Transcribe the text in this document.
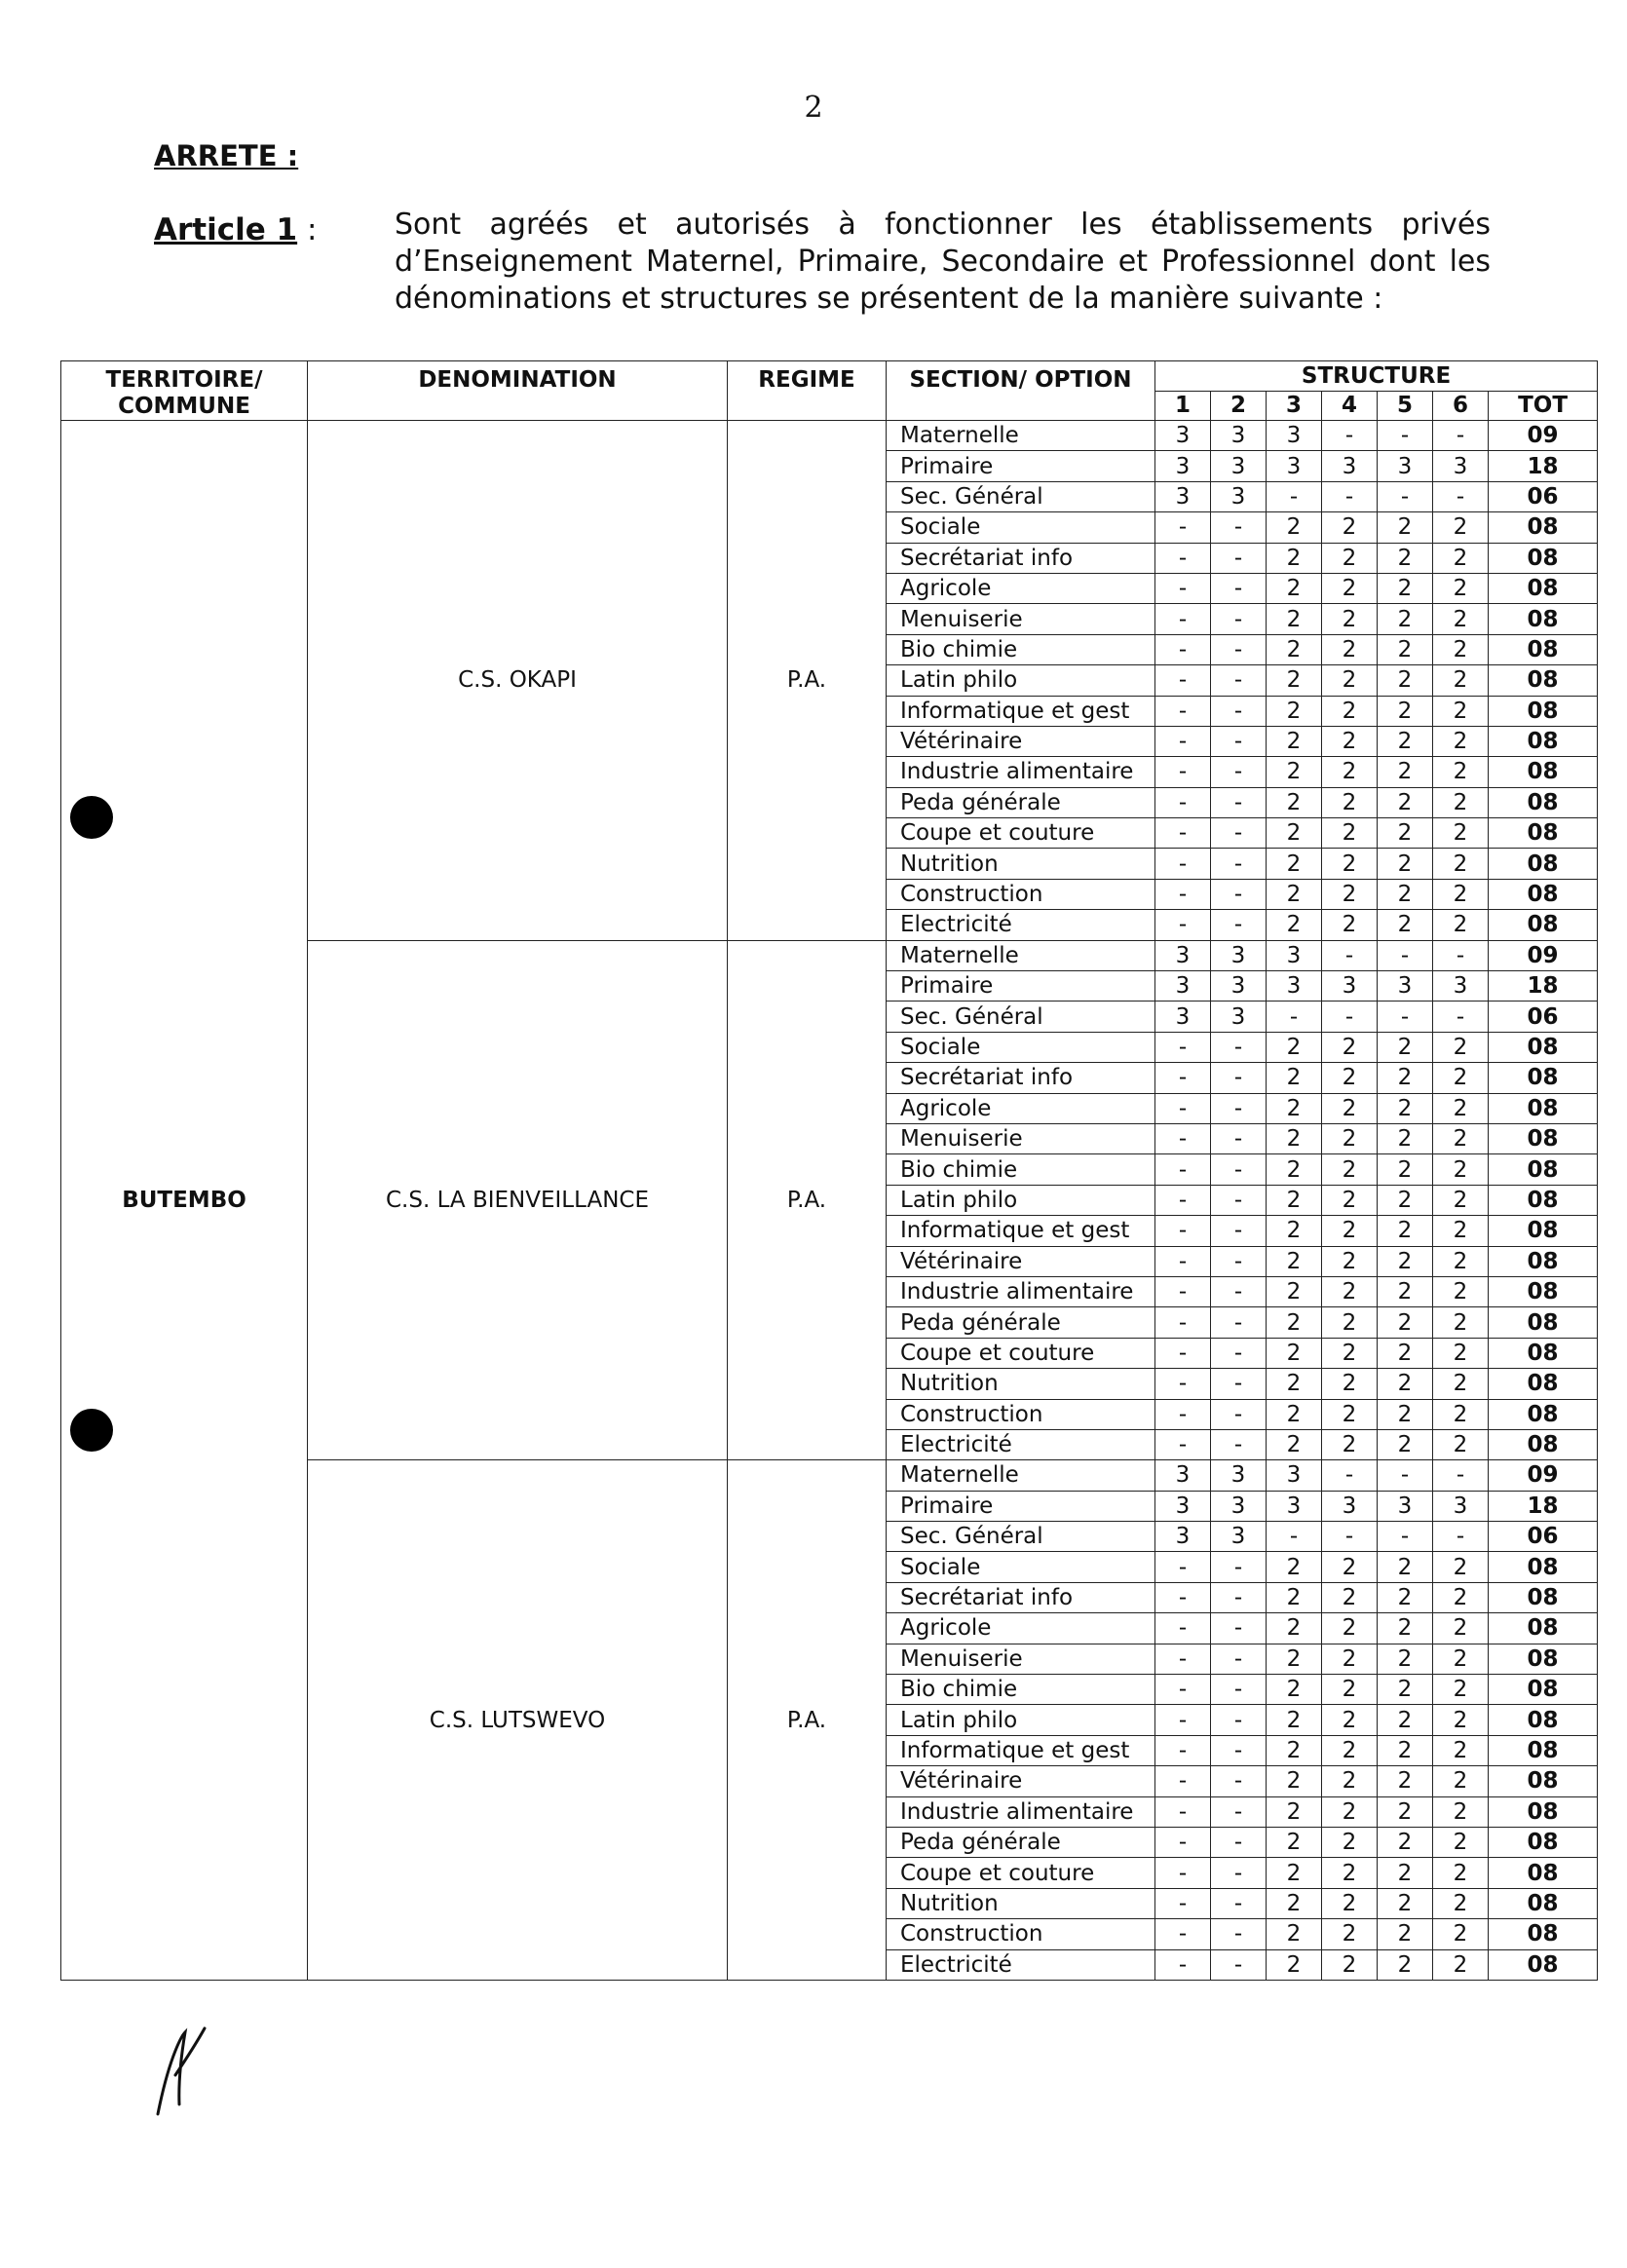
2
ARRETE :
Article 1 :	Sont agréés et autorisés à fonctionner les établissements privés d’Enseignement Maternel, Primaire, Secondaire et Professionnel dont les dénominations et structures se présentent de la manière suivante :
TERRITOIRE/ COMMUNE	DENOMINATION	REGIME	SECTION/ OPTION	STRUCTURE						
				1	2	3	4	5	6	TOT
BUTEMBO	C.S. OKAPI	P.A.	Maternelle	3	3	3	-	-	-	09
			Primaire	3	3	3	3	3	3	18
			Sec. Général	3	3	-	-	-	-	06
			Sociale	-	-	2	2	2	2	08
			Secrétariat info	-	-	2	2	2	2	08
			Agricole	-	-	2	2	2	2	08
			Menuiserie	-	-	2	2	2	2	08
			Bio chimie	-	-	2	2	2	2	08
			Latin philo	-	-	2	2	2	2	08
			Informatique et gest	-	-	2	2	2	2	08
			Vétérinaire	-	-	2	2	2	2	08
			Industrie alimentaire	-	-	2	2	2	2	08
			Peda générale	-	-	2	2	2	2	08
			Coupe et couture	-	-	2	2	2	2	08
			Nutrition	-	-	2	2	2	2	08
			Construction	-	-	2	2	2	2	08
			Electricité	-	-	2	2	2	2	08
	C.S. LA BIENVEILLANCE	P.A.	Maternelle	3	3	3	-	-	-	09
			Primaire	3	3	3	3	3	3	18
			Sec. Général	3	3	-	-	-	-	06
			Sociale	-	-	2	2	2	2	08
			Secrétariat info	-	-	2	2	2	2	08
			Agricole	-	-	2	2	2	2	08
			Menuiserie	-	-	2	2	2	2	08
			Bio chimie	-	-	2	2	2	2	08
			Latin philo	-	-	2	2	2	2	08
			Informatique et gest	-	-	2	2	2	2	08
			Vétérinaire	-	-	2	2	2	2	08
			Industrie alimentaire	-	-	2	2	2	2	08
			Peda générale	-	-	2	2	2	2	08
			Coupe et couture	-	-	2	2	2	2	08
			Nutrition	-	-	2	2	2	2	08
			Construction	-	-	2	2	2	2	08
			Electricité	-	-	2	2	2	2	08
	C.S. LUTSWEVO	P.A.	Maternelle	3	3	3	-	-	-	09
			Primaire	3	3	3	3	3	3	18
			Sec. Général	3	3	-	-	-	-	06
			Sociale	-	-	2	2	2	2	08
			Secrétariat info	-	-	2	2	2	2	08
			Agricole	-	-	2	2	2	2	08
			Menuiserie	-	-	2	2	2	2	08
			Bio chimie	-	-	2	2	2	2	08
			Latin philo	-	-	2	2	2	2	08
			Informatique et gest	-	-	2	2	2	2	08
			Vétérinaire	-	-	2	2	2	2	08
			Industrie alimentaire	-	-	2	2	2	2	08
			Peda générale	-	-	2	2	2	2	08
			Coupe et couture	-	-	2	2	2	2	08
			Nutrition	-	-	2	2	2	2	08
			Construction	-	-	2	2	2	2	08
			Electricité	-	-	2	2	2	2	08
